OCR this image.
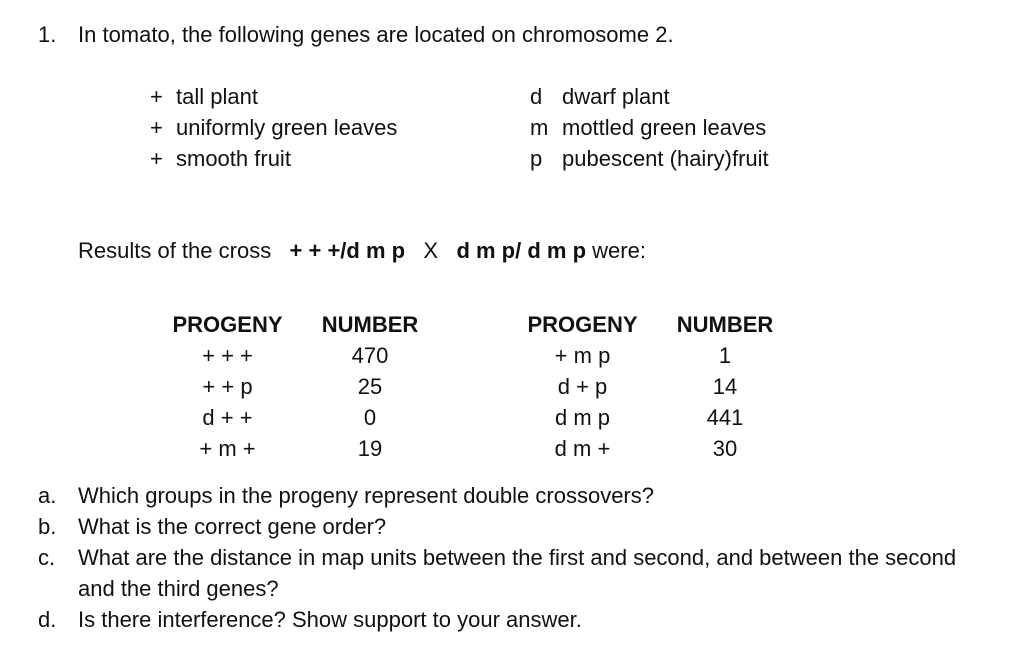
1. In tomato, the following genes are located on chromosome 2.
+ tall plant
+ uniformly green leaves
+ smooth fruit
d dwarf plant
m mottled green leaves
p pubescent (hairy)fruit
Results of the cross + + +/d m p X d m p/ d m p were:
PROGENY
+ + +
+ + p
d + +
+ m +
NUMBER
470
25
0
19
PROGENY
+ m p
d + p
d m p
d m +
NUMBER
1
14
441
30
a. Which groups in the progeny represent double crossovers?
b. What is the correct gene order?
c.	What are the distance in map units between the first and second, and between the second
and the third genes?
d. Is there interference? Show support to your answer.
